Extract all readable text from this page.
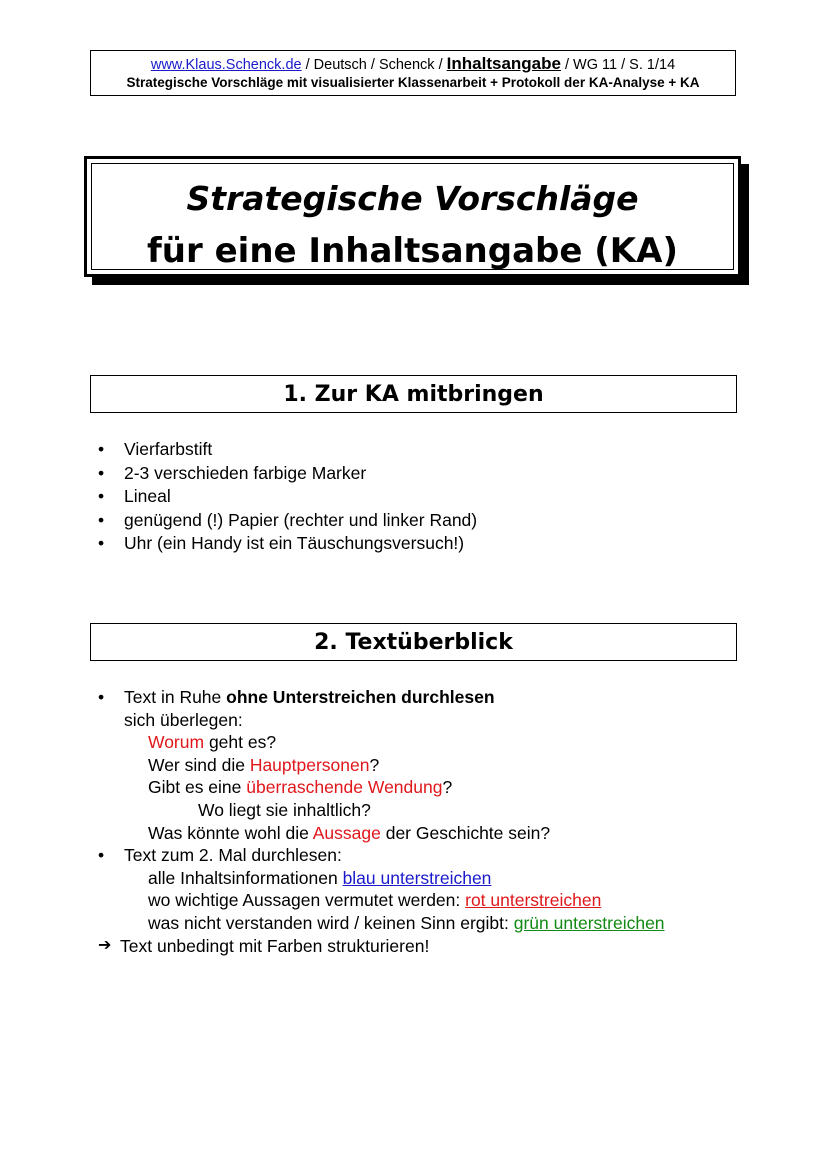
www.Klaus.Schenck.de / Deutsch / Schenck / Inhaltsangabe / WG 11 / S. 1/14
Strategische Vorschläge mit visualisierter Klassenarbeit + Protokoll der KA-Analyse + KA
Strategische Vorschläge
für eine Inhaltsangabe (KA)
1. Zur KA mitbringen
• Vierfarbstift
• 2-3 verschieden farbige Marker
• Lineal
• genügend (!) Papier (rechter und linker Rand)
• Uhr (ein Handy ist ein Täuschungsversuch!)
2. Textüberblick
• Text in Ruhe ohne Unterstreichen durchlesen
sich überlegen:
Worum geht es?
Wer sind die Hauptpersonen?
Gibt es eine überraschende Wendung?
Wo liegt sie inhaltlich?
Was könnte wohl die Aussage der Geschichte sein?
• Text zum 2. Mal durchlesen:
alle Inhaltsinformationen blau unterstreichen
wo wichtige Aussagen vermutet werden: rot unterstreichen
was nicht verstanden wird / keinen Sinn ergibt: grün unterstreichen
➔ Text unbedingt mit Farben strukturieren!
